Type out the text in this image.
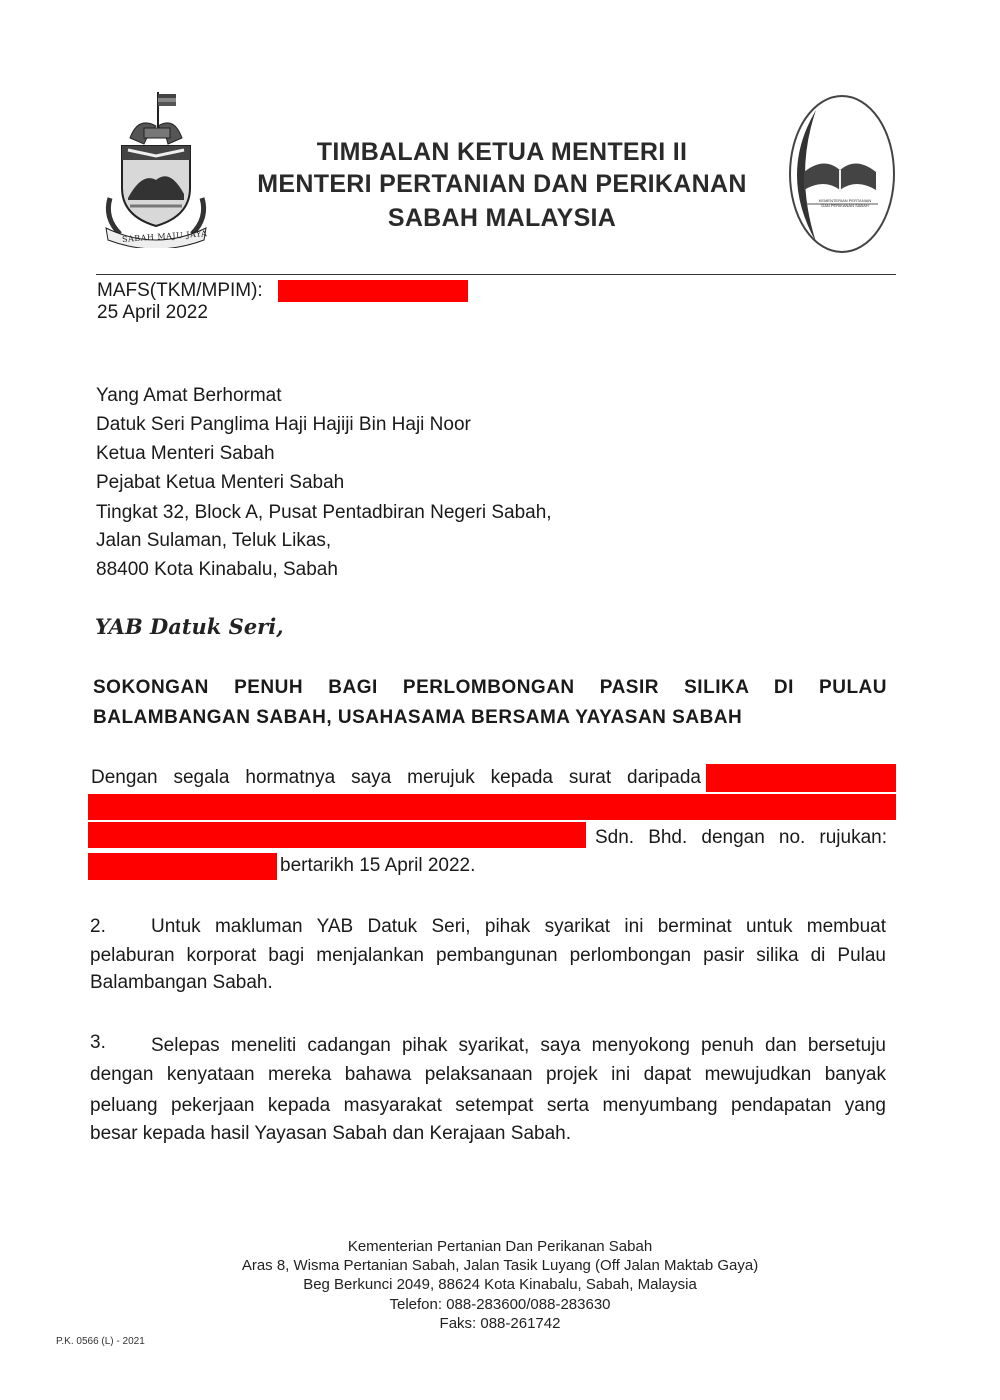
SABAH MAJU JAYA
TIMBALAN KETUA MENTERI II
MENTERI PERTANIAN DAN PERIKANAN
SABAH MALAYSIA
KEMENTERIAN PERTANIAN DAN PERIKANAN SABAH
MAFS(TKM/MPIM):
25 April 2022
Yang Amat Berhormat
Datuk Seri Panglima Haji Hajiji Bin Haji Noor
Ketua Menteri Sabah
Pejabat Ketua Menteri Sabah
Tingkat 32, Block A, Pusat Pentadbiran Negeri Sabah,
Jalan Sulaman, Teluk Likas,
88400 Kota Kinabalu, Sabah
YAB Datuk Seri,
SOKONGAN PENUH BAGI PERLOMBONGAN PASIR SILIKA DI PULAU
BALAMBANGAN SABAH, USAHASAMA BERSAMA YAYASAN SABAH
Dengan segala hormatnya saya merujuk kepada surat daripada
Sdn. Bhd. dengan no. rujukan:
bertarikh 15 April 2022.
2. Untuk makluman YAB Datuk Seri, pihak syarikat ini berminat untuk membuat
pelaburan korporat bagi menjalankan pembangunan perlombongan pasir silika di Pulau
Balambangan Sabah.
3. Selepas meneliti cadangan pihak syarikat, saya menyokong penuh dan bersetuju
dengan kenyataan mereka bahawa pelaksanaan projek ini dapat mewujudkan banyak
peluang pekerjaan kepada masyarakat setempat serta menyumbang pendapatan yang
besar kepada hasil Yayasan Sabah dan Kerajaan Sabah.
Kementerian Pertanian Dan Perikanan Sabah
Aras 8, Wisma Pertanian Sabah, Jalan Tasik Luyang (Off Jalan Maktab Gaya)
Beg Berkunci 2049, 88624 Kota Kinabalu, Sabah, Malaysia
Telefon: 088-283600/088-283630
Faks: 088-261742
P.K. 0566 (L) - 2021
